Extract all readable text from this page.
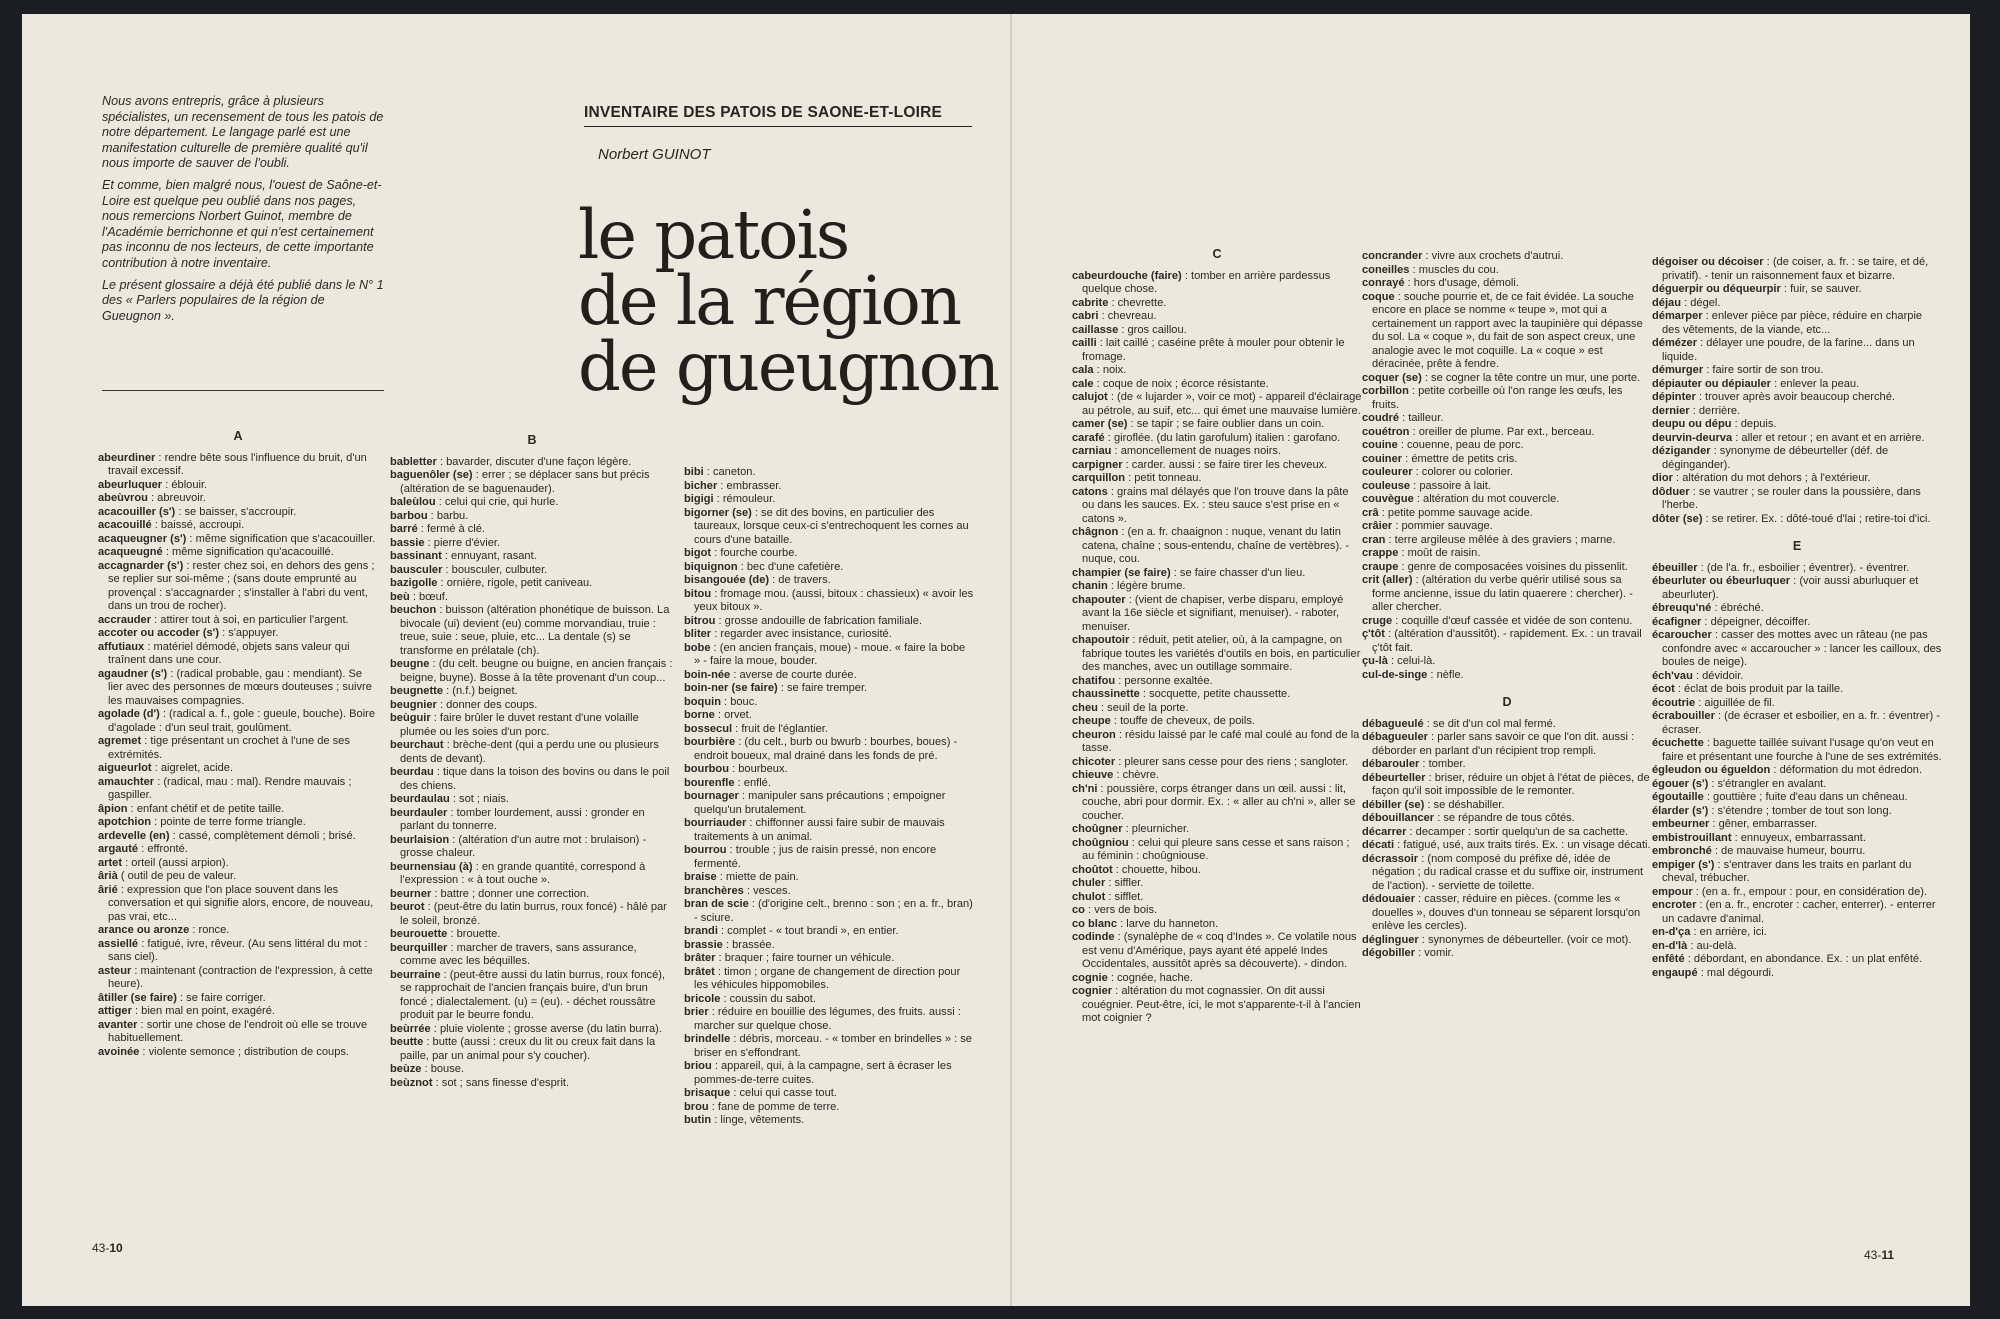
Nous avons entrepris, grâce à plusieurs spécialistes, un recensement de tous les patois de notre département. Le langage parlé est une manifestation culturelle de première qualité qu'il nous importe de sauver de l'oubli.

Et comme, bien malgré nous, l'ouest de Saône-et-Loire est quelque peu oublié dans nos pages, nous remercions Norbert Guinot, membre de l'Académie berrichonne et qui n'est certainement pas inconnu de nos lecteurs, de cette importante contribution à notre inventaire.

Le présent glossaire a déjà été publié dans le N° 1 des « Parlers populaires de la région de Gueugnon ».

INVENTAIRE DES PATOIS DE SAONE-ET-LOIRE
Norbert GUINOT
le patois
de la région
de gueugnon
A

abeurdiner : rendre bête sous l'influence du bruit, d'un travail excessif.

abeurluquer : éblouir.

abeùvrou : abreuvoir.

acacouiller (s') : se baisser, s'accroupir.

acacouillé : baissé, accroupi.

acaqueugner (s') : même signification que s'acacouiller.

acaqueugné : même signification qu'acacouillé.

accagnarder (s') : rester chez soi, en dehors des gens ; se replier sur soi-même ; (sans doute emprunté au provençal : s'accagnarder ; s'installer à l'abri du vent, dans un trou de rocher).

accrauder : attirer tout à soi, en particulier l'argent.

accoter ou accoder (s') : s'appuyer.

affutiaux : matériel démodé, objets sans valeur qui traînent dans une cour.

agaudner (s') : (radical probable, gau : mendiant). Se lier avec des personnes de mœurs douteuses ; suivre les mauvaises compagnies.

agolade (d') : (radical a. f., gole : gueule, bouche). Boire d'agolade : d'un seul trait, goulûment.

agremet : tige présentant un crochet à l'une de ses extrémités.

aigueurlot : aigrelet, acide.

amauchter : (radical, mau : mal). Rendre mauvais ; gaspiller.

âpion : enfant chétif et de petite taille.

apotchion : pointe de terre forme triangle.

ardevelle (en) : cassé, complètement démoli ; brisé.

argauté : effronté.

artet : orteil (aussi arpion).

ârià ( outil de peu de valeur.

ârié : expression que l'on place souvent dans les conversation et qui signifie alors, encore, de nouveau, pas vrai, etc...

arance ou aronze : ronce.

assiellé : fatigué, ivre, rêveur. (Au sens littéral du mot : sans ciel).

asteur : maintenant (contraction de l'expression, à cette heure).

âtiller (se faire) : se faire corriger.

attiger : bien mal en point, exagéré.

avanter : sortir une chose de l'endroit où elle se trouve habituellement.

avoinée : violente semonce ; distribution de coups.

B

babletter : bavarder, discuter d'une façon légère.

baguenôler (se) : errer ; se déplacer sans but précis (altération de se baguenauder).

baleùlou : celui qui crie, qui hurle.

barbou : barbu.

barré : fermé à clé.

bassie : pierre d'évier.

bassinant : ennuyant, rasant.

bausculer : bousculer, culbuter.

bazigolle : ornière, rigole, petit caniveau.

beù : bœuf.

beuchon : buisson (altération phonétique de buisson. La bivocale (ui) devient (eu) comme morvandiau, truie : treue, suie : seue, pluie, etc... La dentale (s) se transforme en prélatale (ch).

beugne : (du celt. beugne ou buigne, en ancien français : beigne, buyne). Bosse à la tête provenant d'un coup...

beugnette : (n.f.) beignet.

beugnier : donner des coups.

beùguir : faire brûler le duvet restant d'une volaille plumée ou les soies d'un porc.

beurchaut : brèche-dent (qui a perdu une ou plusieurs dents de devant).

beurdau : tique dans la toison des bovins ou dans le poil des chiens.

beurdaulau : sot ; niais.

beurdauler : tomber lourdement, aussi : gronder en parlant du tonnerre.

beurlaision : (altération d'un autre mot : brulaison) - grosse chaleur.

beurnensiau (à) : en grande quantité, correspond à l'expression : « à tout ouche ».

beurner : battre ; donner une correction.

beurot : (peut-être du latin burrus, roux foncé) - hâlé par le soleil, bronzé.

beurouette : brouette.

beurquiller : marcher de travers, sans assurance, comme avec les béquilles.

beurraine : (peut-être aussi du latin burrus, roux foncé), se rapprochait de l'ancien français buire, d'un brun foncé ; dialectalement. (u) = (eu). - déchet roussâtre produit par le beurre fondu.

beùrrée : pluie violente ; grosse averse (du latin burra).

beutte : butte (aussi : creux du lit ou creux fait dans la paille, par un animal pour s'y coucher).

beùze : bouse.

beùznot : sot ; sans finesse d'esprit.

bibi : caneton.

bicher : embrasser.

bigigi : rémouleur.

bigorner (se) : se dit des bovins, en particulier des taureaux, lorsque ceux-ci s'entrechoquent les cornes au cours d'une bataille.

bigot : fourche courbe.

biquignon : bec d'une cafetière.

bisangouée (de) : de travers.

bitou : fromage mou. (aussi, bitoux : chassieux) « avoir les yeux bitoux ».

bitrou : grosse andouille de fabrication familiale.

bliter : regarder avec insistance, curiosité.

bobe : (en ancien français, moue) - moue. « faire la bobe » - faire la moue, bouder.

boin-née : averse de courte durée.

boin-ner (se faire) : se faire tremper.

boquin : bouc.

borne : orvet.

bossecul : fruit de l'églantier.

bourbière : (du celt., burb ou bwurb : bourbes, boues) - endroit boueux, mal drainé dans les fonds de pré.

bourbou : bourbeux.

bourenfle : enflé.

bournager : manipuler sans précautions ; empoigner quelqu'un brutalement.

bourriauder : chiffonner aussi faire subir de mauvais traitements à un animal.

bourrou : trouble ; jus de raisin pressé, non encore fermenté.

braise : miette de pain.

branchères : vesces.

bran de scie : (d'origine celt., brenno : son ; en a. fr., bran) - sciure.

brandi : complet - « tout brandi », en entier.

brassie : brassée.

brâter : braquer ; faire tourner un véhicule.

brâtet : timon ; organe de changement de direction pour les véhicules hippomobiles.

bricole : coussin du sabot.

brier : réduire en bouillie des légumes, des fruits. aussi : marcher sur quelque chose.

brindelle : débris, morceau. - « tomber en brindelles » : se briser en s'effondrant.

briou : appareil, qui, à la campagne, sert à écraser les pommes-de-terre cuites.

brisaque : celui qui casse tout.

brou : fane de pomme de terre.

butin : linge, vêtements.

43-10
C

cabeurdouche (faire) : tomber en arrière pardessus quelque chose.

cabrite : chevrette.

cabri : chevreau.

caillasse : gros caillou.

cailli : lait caillé ; caséine prête à mouler pour obtenir le fromage.

cala : noix.

cale : coque de noix ; écorce résistante.

calujot : (de « lujarder », voir ce mot) - appareil d'éclairage au pétrole, au suif, etc... qui émet une mauvaise lumière.

camer (se) : se tapir ; se faire oublier dans un coin.

carafé : giroflée. (du latin garofulum) italien : garofano.

carniau : amoncellement de nuages noirs.

carpigner : carder. aussi : se faire tirer les cheveux.

carquillon : petit tonneau.

catons : grains mal délayés que l'on trouve dans la pâte ou dans les sauces. Ex. : steu sauce s'est prise en « catons ».

châgnon : (en a. fr. chaaignon : nuque, venant du latin catena, chaîne ; sous-entendu, chaîne de vertèbres). - nuque, cou.

champier (se faire) : se faire chasser d'un lieu.

chanin : légère brume.

chapouter : (vient de chapiser, verbe disparu, employé avant la 16e siècle et signifiant, menuiser). - raboter, menuiser.

chapoutoir : réduit, petit atelier, où, à la campagne, on fabrique toutes les variétés d'outils en bois, en particulier des manches, avec un outillage sommaire.

chatifou : personne exaltée.

chaussinette : socquette, petite chaussette.

cheu : seuil de la porte.

cheupe : touffe de cheveux, de poils.

cheuron : résidu laissé par le café mal coulé au fond de la tasse.

chicoter : pleurer sans cesse pour des riens ; sangloter.

chieuve : chèvre.

ch'ni : poussière, corps étranger dans un œil. aussi : lit, couche, abri pour dormir. Ex. : « aller au ch'ni », aller se coucher.

choûgner : pleurnicher.

choûgniou : celui qui pleure sans cesse et sans raison ; au féminin : choûgniouse.

choûtot : chouette, hibou.

chuler : siffler.

chulot : sifflet.

co : vers de bois.

co blanc : larve du hanneton.

codinde : (synalèphe de « coq d'Indes ». Ce volatile nous est venu d'Amérique, pays ayant été appelé Indes Occidentales, aussitôt après sa découverte). - dindon.

cognie : cognée, hache.

cognier : altération du mot cognassier. On dit aussi couégnier. Peut-être, ici, le mot s'apparente-t-il à l'ancien mot coignier ?

concrander : vivre aux crochets d'autrui.

coneilles : muscles du cou.

conrayé : hors d'usage, démoli.

coque : souche pourrie et, de ce fait évidée. La souche encore en place se nomme « teupe », mot qui a certainement un rapport avec la taupinière qui dépasse du sol. La « coque », du fait de son aspect creux, une analogie avec le mot coquille. La « coque » est déracinée, prête à fendre.

coquer (se) : se cogner la tête contre un mur, une porte.

corbillon : petite corbeille où l'on range les œufs, les fruits.

coudré : tailleur.

couétron : oreiller de plume. Par ext., berceau.

couine : couenne, peau de porc.

couiner : émettre de petits cris.

couleurer : colorer ou colorier.

couleuse : passoire à lait.

couvègue : altération du mot couvercle.

crâ : petite pomme sauvage acide.

crâier : pommier sauvage.

cran : terre argileuse mêlée à des graviers ; marne.

crappe : moût de raisin.

craupe : genre de composacées voisines du pissenlit.

crit (aller) : (altération du verbe quérir utilisé sous sa forme ancienne, issue du latin quaerere : chercher). - aller chercher.

cruge : coquille d'œuf cassée et vidée de son contenu.

ç'tôt : (altération d'aussitôt). - rapidement. Ex. : un travail ç'tôt fait.

çu-là : celui-là.

cul-de-singe : nèfle.

D

débagueulé : se dit d'un col mal fermé.

débagueuler : parler sans savoir ce que l'on dit. aussi : déborder en parlant d'un récipient trop rempli.

débarouler : tomber.

débeurteller : briser, réduire un objet à l'état de pièces, de façon qu'il soit impossible de le remonter.

débiller (se) : se déshabiller.

débouillancer : se répandre de tous côtés.

décarrer : decamper : sortir quelqu'un de sa cachette.

décati : fatigué, usé, aux traits tirés. Ex. : un visage décati.

décrassoir : (nom composé du préfixe dé, idée de négation ; du radical crasse et du suffixe oir, instrument de l'action). - serviette de toilette.

dédouaier : casser, réduire en pièces. (comme les « douelles », douves d'un tonneau se séparent lorsqu'on enlève les cercles).

déglinguer : synonymes de débeurteller. (voir ce mot).

dégobiller : vomir.

dégoiser ou décoiser : (de coiser, a. fr. : se taire, et dé, privatif). - tenir un raisonnement faux et bizarre.

déguerpir ou déqueurpir : fuir, se sauver.

déjau : dégel.

démarper : enlever pièce par pièce, réduire en charpie des vêtements, de la viande, etc...

démézer : délayer une poudre, de la farine... dans un liquide.

démurger : faire sortir de son trou.

dépiauter ou dépiauler : enlever la peau.

dépinter : trouver après avoir beaucoup cherché.

dernier : derrière.

deupu ou dépu : depuis.

deurvin-deurva : aller et retour ; en avant et en arrière.

dézigander : synonyme de débeurteller (déf. de dégingander).

dior : altération du mot dehors ; à l'extérieur.

dôduer : se vautrer ; se rouler dans la poussière, dans l'herbe.

dôter (se) : se retirer. Ex. : dôté-toué d'lai ; retire-toi d'ici.

E

ébeuiller : (de l'a. fr., esboilier ; éventrer). - éventrer.

ébeurluter ou ébeurluquer : (voir aussi aburluquer et abeurluter).

ébreuqu'né : ébréché.

écafigner : dépeigner, décoiffer.

écaroucher : casser des mottes avec un râteau (ne pas confondre avec « accaroucher » : lancer les cailloux, des boules de neige).

éch'vau : dévidoir.

écot : éclat de bois produit par la taille.

écoutrie : aiguillée de fil.

écrabouiller : (de écraser et esboilier, en a. fr. : éventrer) - écraser.

écuchette : baguette taillée suivant l'usage qu'on veut en faire et présentant une fourche à l'une de ses extrémités.

égleudon ou égueldon : déformation du mot édredon.

égouer (s') : s'étrangler en avalant.

égoutaille : gouttière ; fuite d'eau dans un chêneau.

élarder (s') : s'étendre ; tomber de tout son long.

embeurner : gêner, embarrasser.

embistrouillant : ennuyeux, embarrassant.

embronché : de mauvaise humeur, bourru.

empiger (s') : s'entraver dans les traits en parlant du cheval, trébucher.

empour : (en a. fr., empour : pour, en considération de).

encroter : (en a. fr., encroter : cacher, enterrer). - enterrer un cadavre d'animal.

en-d'ça : en arrière, ici.

en-d'là : au-delà.

enfêté : débordant, en abondance. Ex. : un plat enfêté.

engaupé : mal dégourdi.

43-11
